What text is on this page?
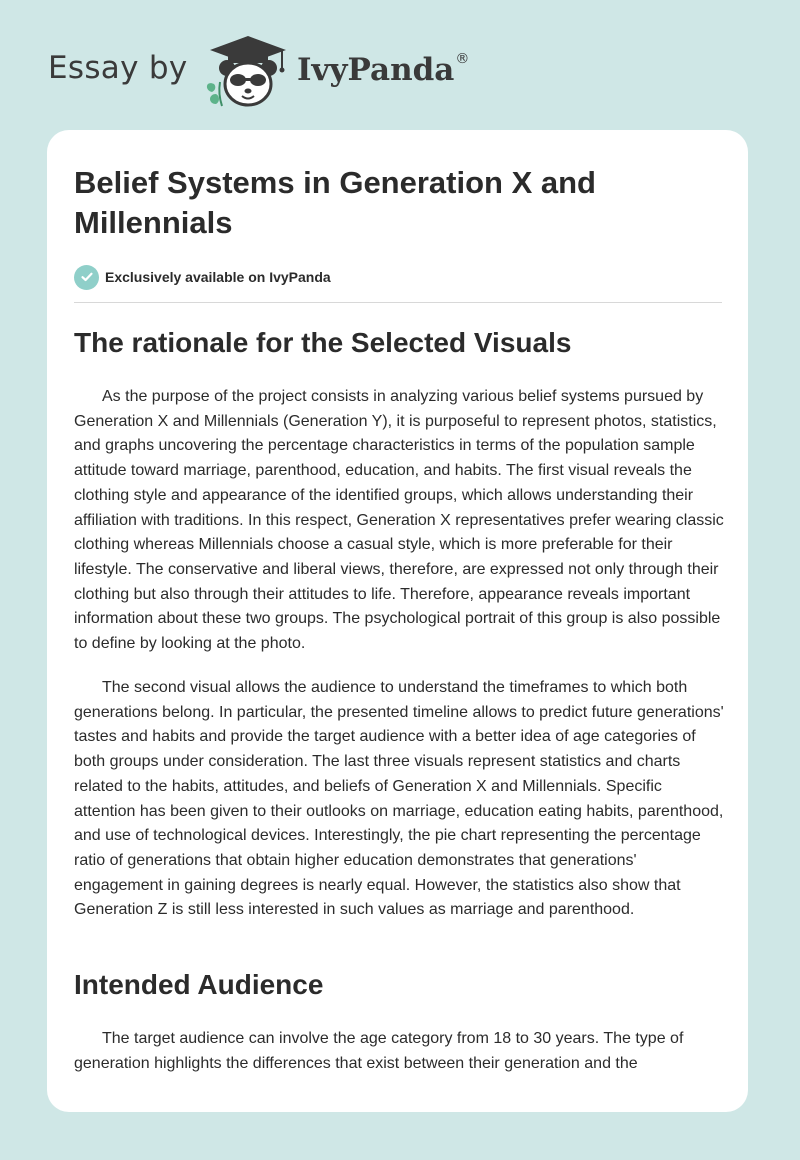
Essay by	IvyPanda®
Belief Systems in Generation X and Millennials
Exclusively available on IvyPanda
The rationale for the Selected Visuals

As the purpose of the project consists in analyzing various belief systems pursued by Generation X and Millennials (Generation Y), it is purposeful to represent photos, statistics, and graphs uncovering the percentage characteristics in terms of the population sample attitude toward marriage, parenthood, education, and habits. The first visual reveals the clothing style and appearance of the identified groups, which allows understanding their affiliation with traditions. In this respect, Generation X representatives prefer wearing classic clothing whereas Millennials choose a casual style, which is more preferable for their lifestyle. The conservative and liberal views, therefore, are expressed not only through their clothing but also through their attitudes to life. Therefore, appearance reveals important information about these two groups. The psychological portrait of this group is also possible to define by looking at the photo.

The second visual allows the audience to understand the timeframes to which both generations belong. In particular, the presented timeline allows to predict future generations' tastes and habits and provide the target audience with a better idea of age categories of both groups under consideration. The last three visuals represent statistics and charts related to the habits, attitudes, and beliefs of Generation X and Millennials. Specific attention has been given to their outlooks on marriage, education eating habits, parenthood, and use of technological devices. Interestingly, the pie chart representing the percentage ratio of generations that obtain higher education demonstrates that generations' engagement in gaining degrees is nearly equal. However, the statistics also show that Generation Z is still less interested in such values as marriage and parenthood.

Intended Audience

The target audience can involve the age category from 18 to 30 years. The type of generation highlights the differences that exist between their generation and the
